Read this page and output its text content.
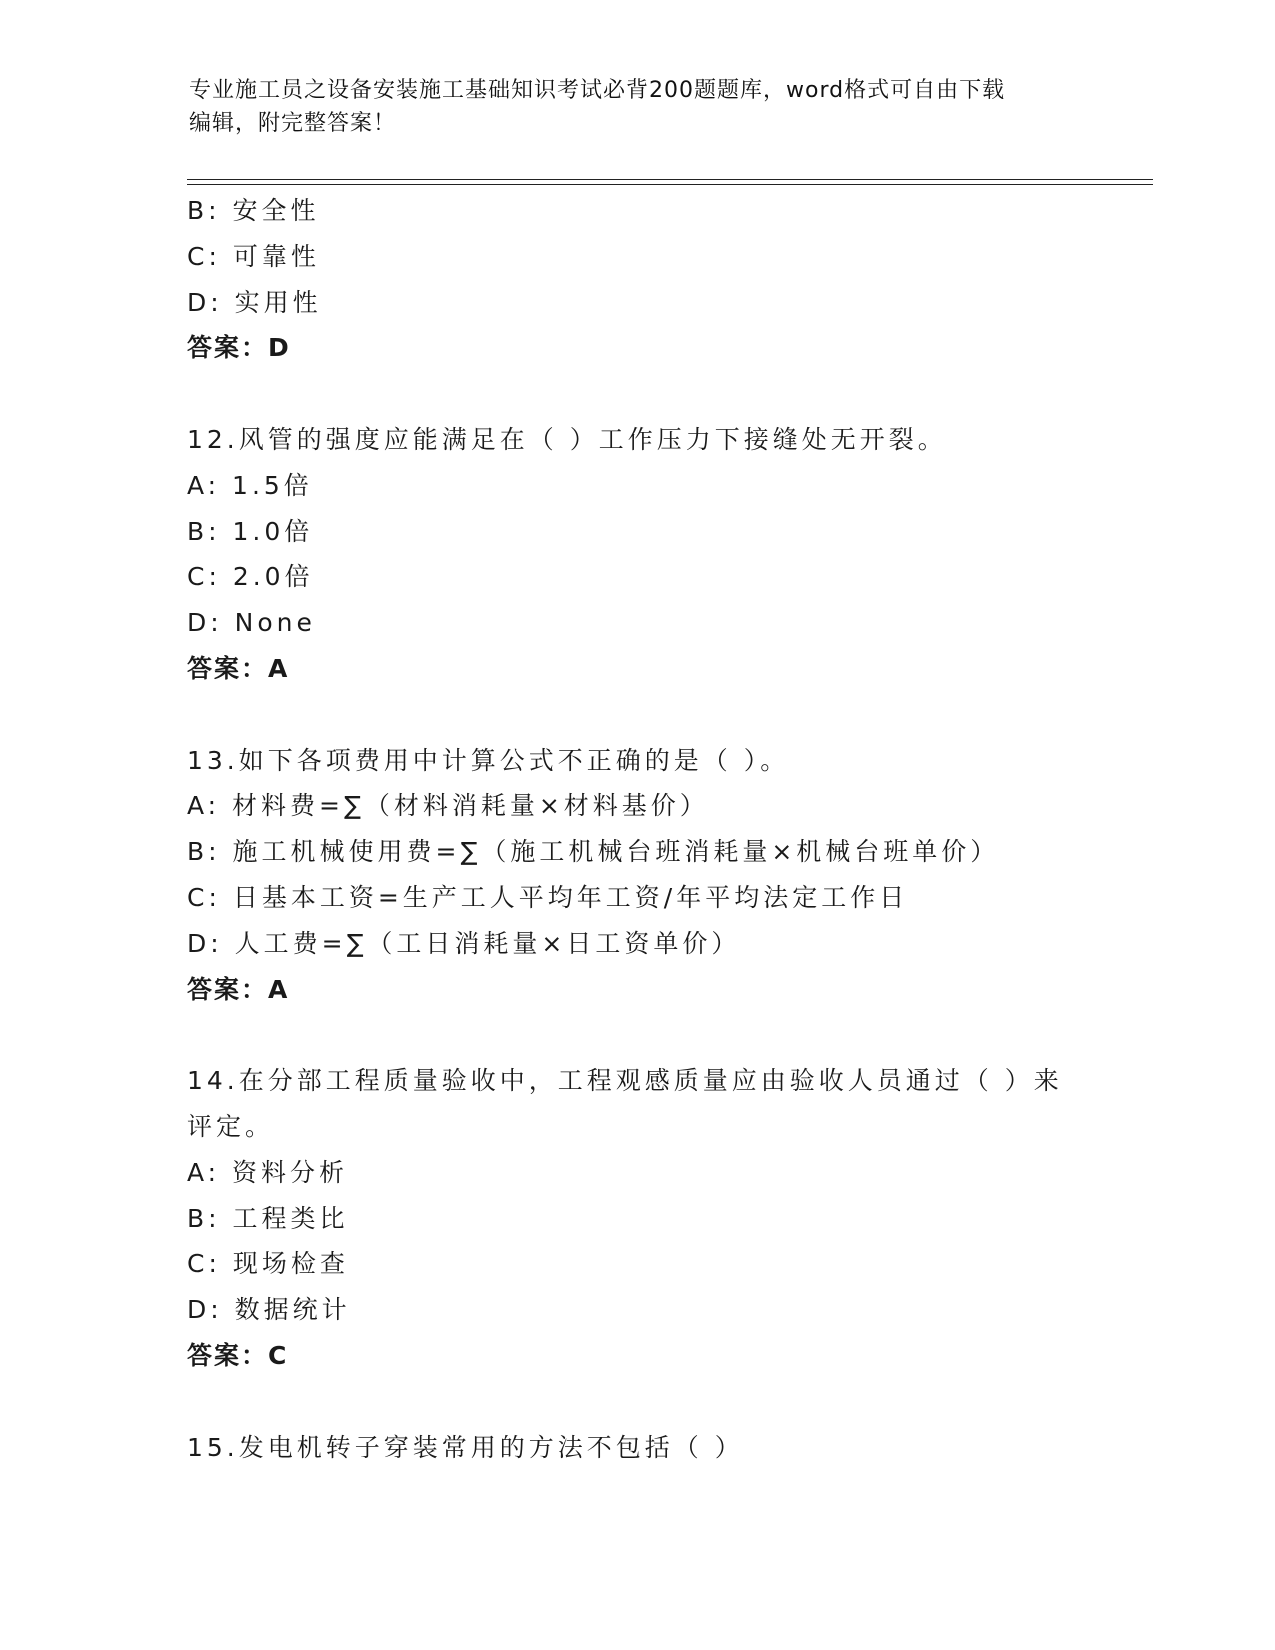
专业施工员之设备安装施工基础知识考试必背200题题库，word格式可自由下载
编辑，附完整答案！
B: 安全性
C: 可靠性
D: 实用性
答案：D
12.风管的强度应能满足在（ ）工作压力下接缝处无开裂。
A: 1.5倍
B: 1.0倍
C: 2.0倍
D: None
答案：A
13.如下各项费用中计算公式不正确的是（ ）。
A: 材料费=∑（材料消耗量×材料基价）
B: 施工机械使用费=∑（施工机械台班消耗量×机械台班单价）
C: 日基本工资=生产工人平均年工资/年平均法定工作日
D: 人工费=∑（工日消耗量×日工资单价）
答案：A
14.在分部工程质量验收中，工程观感质量应由验收人员通过（ ）来
评定。
A: 资料分析
B: 工程类比
C: 现场检查
D: 数据统计
答案：C
15.发电机转子穿装常用的方法不包括（ ）
